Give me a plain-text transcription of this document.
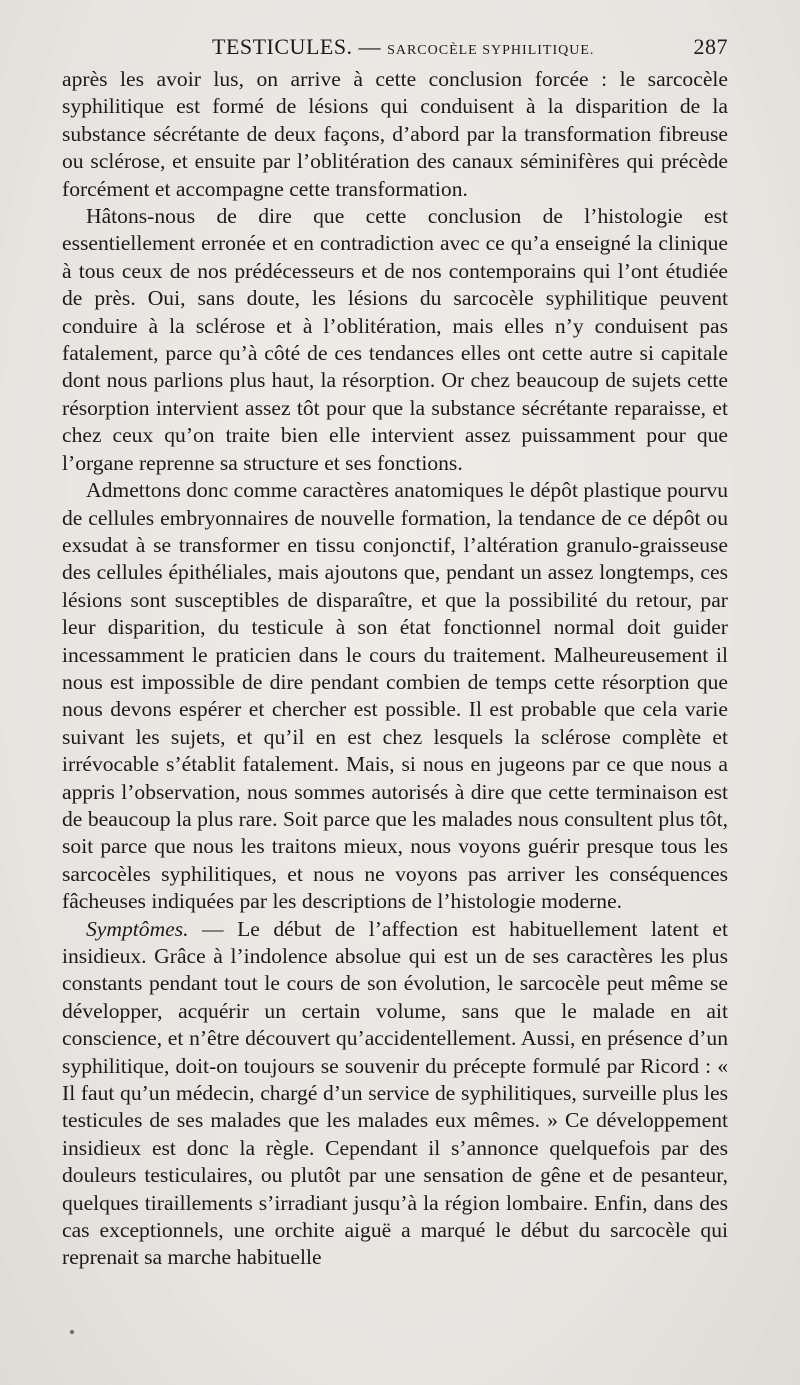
TESTICULES. — SARCOCÈLE SYPHILITIQUE.	287

après les avoir lus, on arrive à cette conclusion forcée : le sarcocèle syphilitique est formé de lésions qui conduisent à la disparition de la substance sécrétante de deux façons, d’abord par la transformation fibreuse ou sclérose, et ensuite par l’oblitération des canaux séminifères qui précède forcément et accompagne cette transformation.

Hâtons-nous de dire que cette conclusion de l’histologie est essentiellement erronée et en contradiction avec ce qu’a enseigné la clinique à tous ceux de nos prédécesseurs et de nos contemporains qui l’ont étudiée de près. Oui, sans doute, les lésions du sarcocèle syphilitique peuvent conduire à la sclérose et à l’oblitération, mais elles n’y conduisent pas fatalement, parce qu’à côté de ces tendances elles ont cette autre si capitale dont nous parlions plus haut, la résorption. Or chez beaucoup de sujets cette résorption intervient assez tôt pour que la substance sécrétante reparaisse, et chez ceux qu’on traite bien elle intervient assez puissamment pour que l’organe reprenne sa structure et ses fonctions.

Admettons donc comme caractères anatomiques le dépôt plastique pourvu de cellules embryonnaires de nouvelle formation, la tendance de ce dépôt ou exsudat à se transformer en tissu conjonctif, l’altération granulo-graisseuse des cellules épithéliales, mais ajoutons que, pendant un assez longtemps, ces lésions sont susceptibles de disparaître, et que la possibilité du retour, par leur disparition, du testicule à son état fonctionnel normal doit guider incessamment le praticien dans le cours du traitement. Malheureusement il nous est impossible de dire pendant combien de temps cette résorption que nous devons espérer et chercher est possible. Il est probable que cela varie suivant les sujets, et qu’il en est chez lesquels la sclérose complète et irrévocable s’établit fatalement. Mais, si nous en jugeons par ce que nous a appris l’observation, nous sommes autorisés à dire que cette terminaison est de beaucoup la plus rare. Soit parce que les malades nous consultent plus tôt, soit parce que nous les traitons mieux, nous voyons guérir presque tous les sarcocèles syphilitiques, et nous ne voyons pas arriver les conséquences fâcheuses indiquées par les descriptions de l’histologie moderne.

Symptômes. — Le début de l’affection est habituellement latent et insidieux. Grâce à l’indolence absolue qui est un de ses caractères les plus constants pendant tout le cours de son évolution, le sarcocèle peut même se développer, acquérir un certain volume, sans que le malade en ait conscience, et n’être découvert qu’accidentellement. Aussi, en présence d’un syphilitique, doit-on toujours se souvenir du précepte formulé par Ricord : « Il faut qu’un médecin, chargé d’un service de syphilitiques, surveille plus les testicules de ses malades que les malades eux mêmes. » Ce développement insidieux est donc la règle. Cependant il s’annonce quelquefois par des douleurs testiculaires, ou plutôt par une sensation de gêne et de pesanteur, quelques tiraillements s’irradiant jusqu’à la région lombaire. Enfin, dans des cas exceptionnels, une orchite aiguë a marqué le début du sarcocèle qui reprenait sa marche habituelle
